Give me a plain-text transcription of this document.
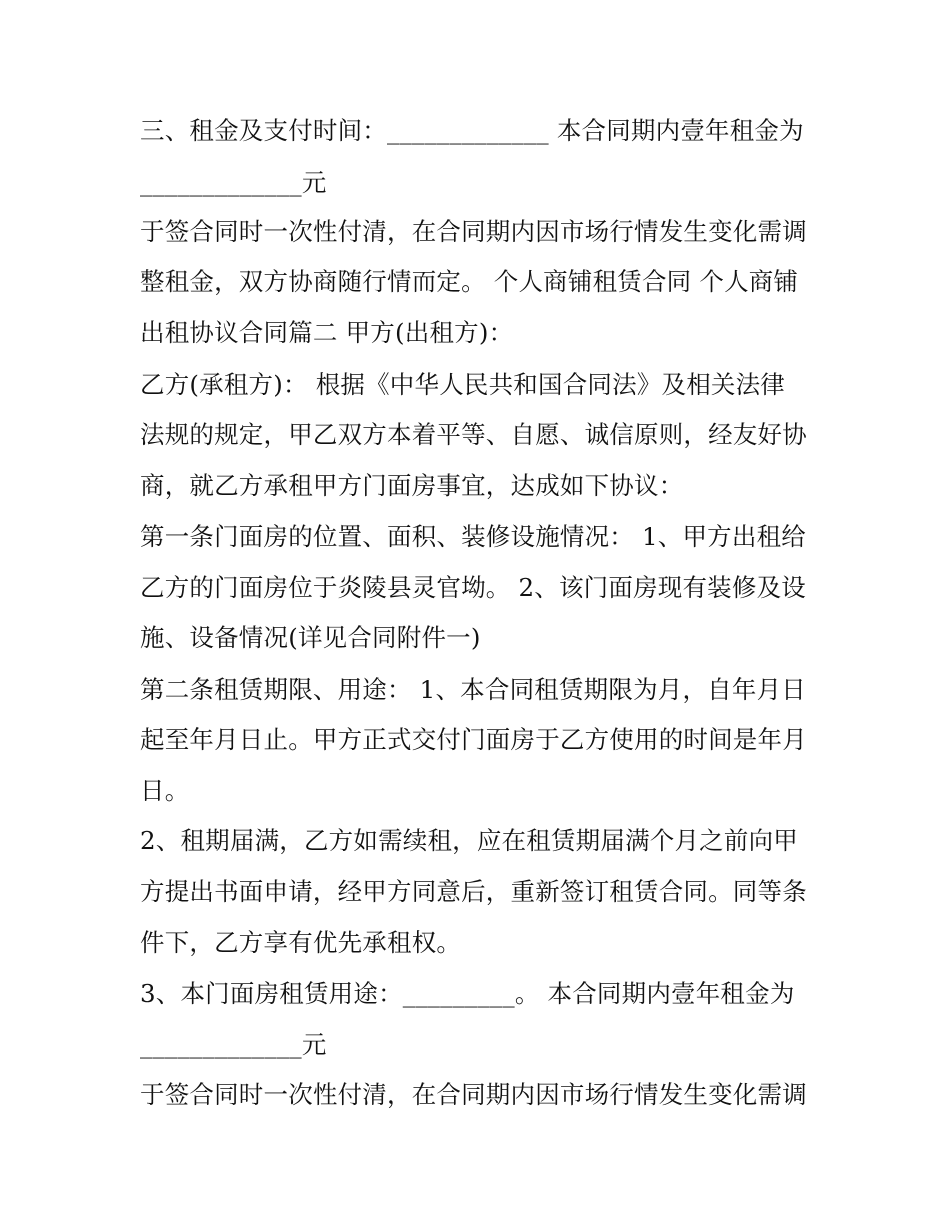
三、租金及支付时间：_____________ 本合同期内壹年租金为
_____________元
于签合同时一次性付清，在合同期内因市场行情发生变化需调
整租金，双方协商随行情而定。 个人商铺租赁合同 个人商铺
出租协议合同篇二 甲方(出租方)：
乙方(承租方)： 根据《中华人民共和国合同法》及相关法律
法规的规定，甲乙双方本着平等、自愿、诚信原则，经友好协
商，就乙方承租甲方门面房事宜，达成如下协议：
第一条门面房的位置、面积、装修设施情况： 1、甲方出租给
乙方的门面房位于炎陵县灵官坳。 2、该门面房现有装修及设
施、设备情况(详见合同附件一)
第二条租赁期限、用途： 1、本合同租赁期限为月，自年月日
起至年月日止。甲方正式交付门面房于乙方使用的时间是年月
日。
2、租期届满，乙方如需续租，应在租赁期届满个月之前向甲
方提出书面申请，经甲方同意后，重新签订租赁合同。同等条
件下，乙方享有优先承租权。
3、本门面房租赁用途：_________。 本合同期内壹年租金为
_____________元
于签合同时一次性付清，在合同期内因市场行情发生变化需调
